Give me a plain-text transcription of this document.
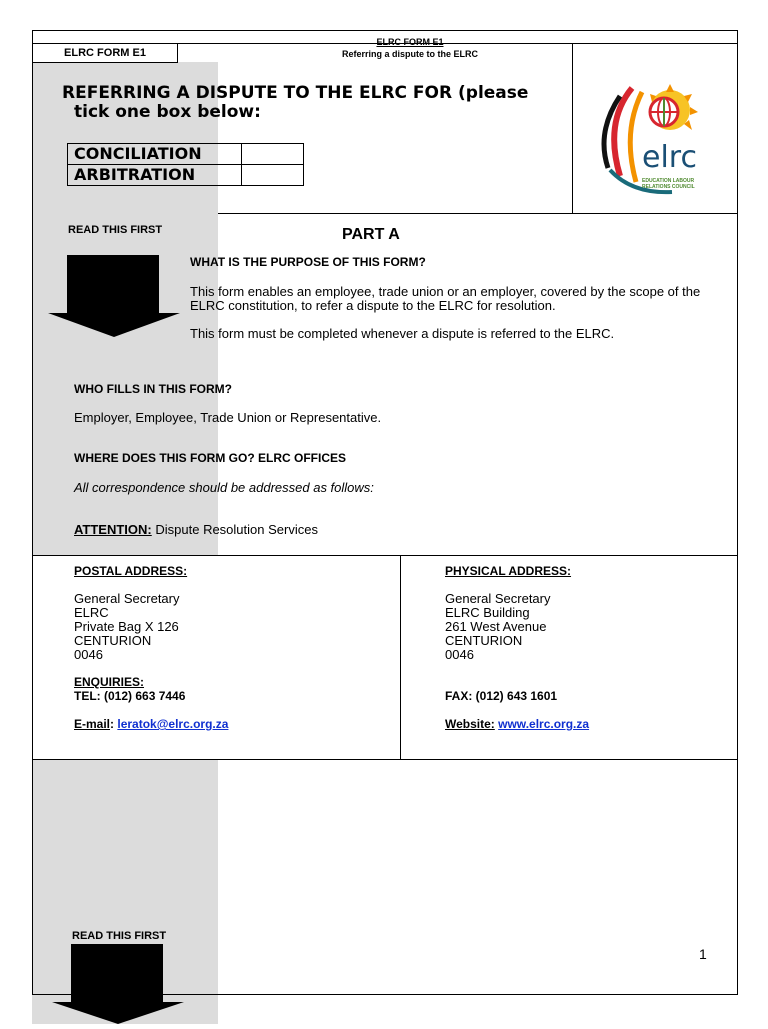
ELRC FORM E1
ELRC FORM E1
Referring a dispute to the ELRC
REFERRING A DISPUTE TO THE ELRC FOR (please
tick one box below:
CONCILIATION
ARBITRATION	elrc
EDUCATION LABOUR
RELATIONS COUNCIL
READ THIS FIRST	PART A
WHAT IS THE PURPOSE OF THIS FORM?
This form enables an employee, trade union or an employer, covered by the scope of the
ELRC constitution, to refer a dispute to the ELRC for resolution.
This form must be completed whenever a dispute is referred to the ELRC.
WHO FILLS IN THIS FORM?
Employer, Employee, Trade Union or Representative.
WHERE DOES THIS FORM GO? ELRC OFFICES
All correspondence should be addressed as follows:
ATTENTION: Dispute Resolution Services
POSTAL ADDRESS:
General Secretary
ELRC
Private Bag X 126
CENTURION
0046
ENQUIRIES:
TEL: (012) 663 7446
E-mail: leratok@elrc.org.za
PHYSICAL ADDRESS:
General Secretary
ELRC Building
261 West Avenue
CENTURION
0046
FAX: (012) 643 1601
Website: www.elrc.org.za
READ THIS FIRST
1
